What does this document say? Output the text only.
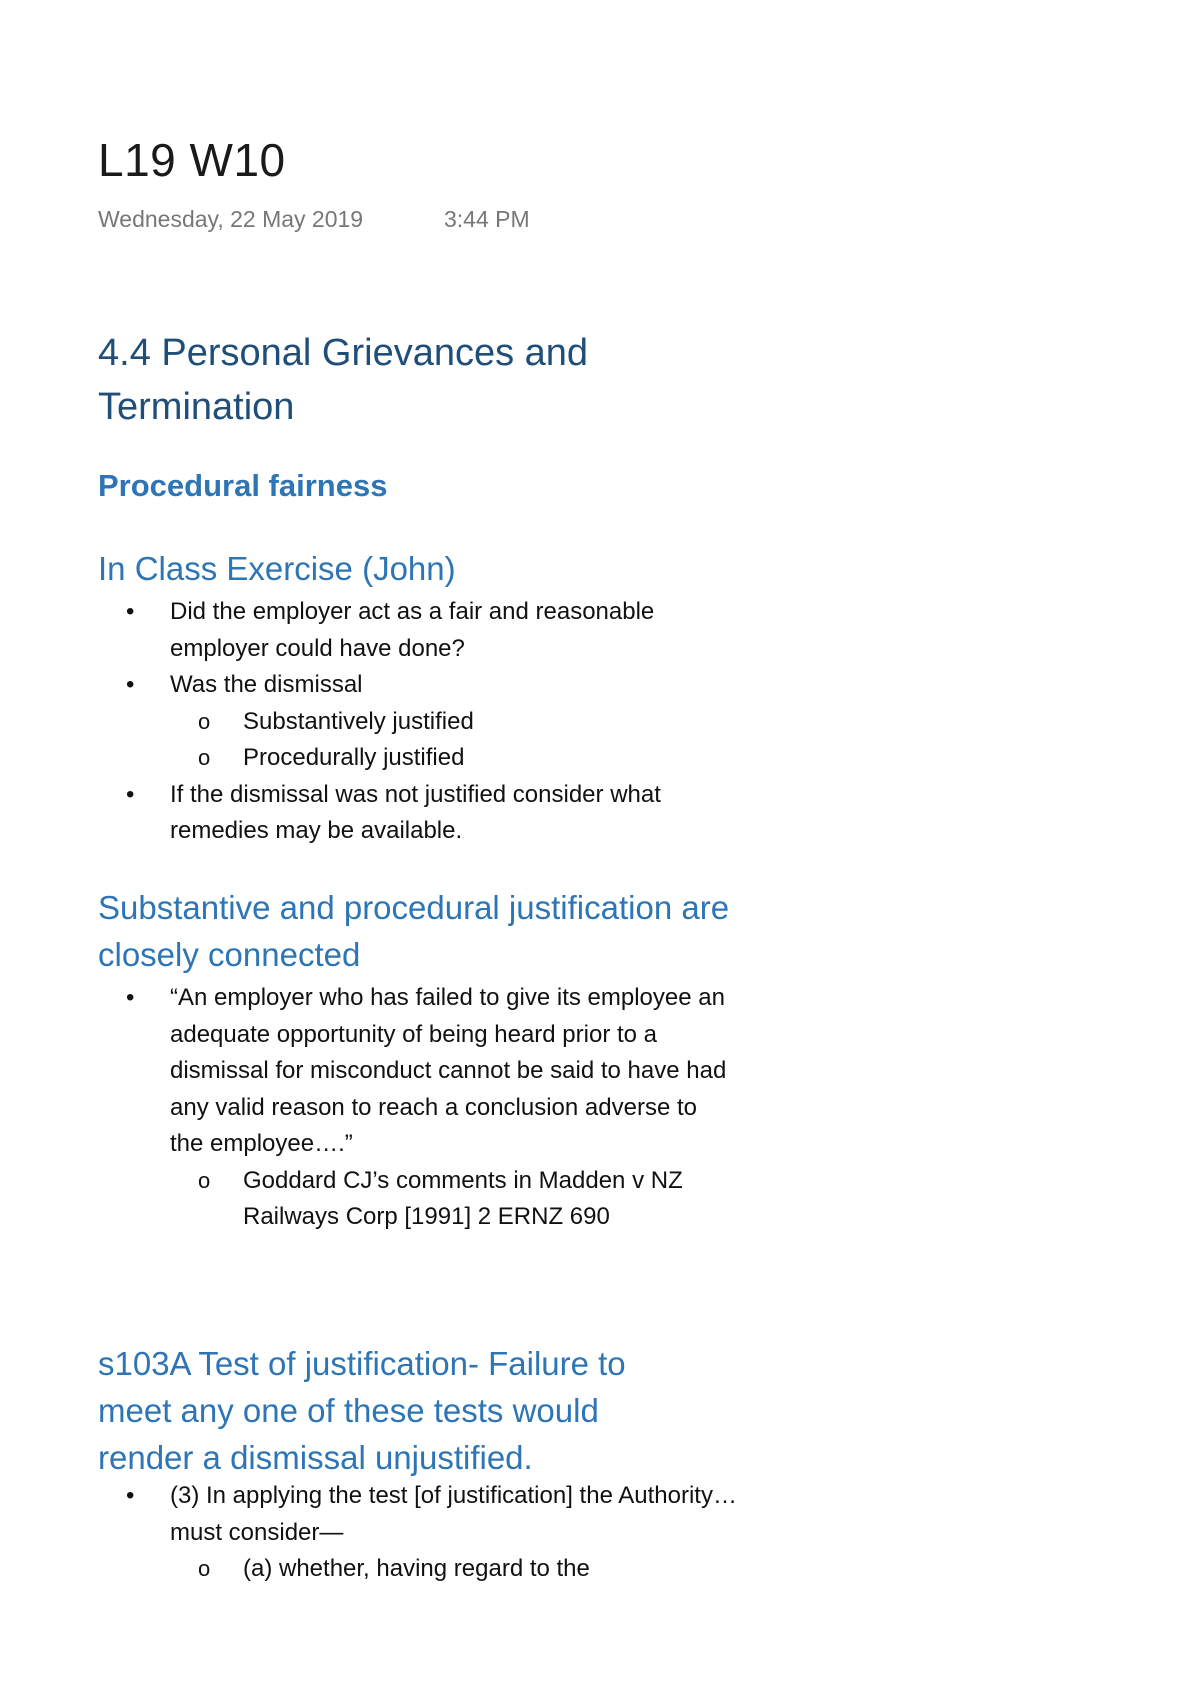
L19 W10
Wednesday, 22 May 2019	3:44 PM
4.4 Personal Grievances and Termination
Procedural fairness
In Class Exercise (John)
• Did the employer act as a fair and reasonable employer could have done?
• Was the dismissal
o Substantively justified
o Procedurally justified
• If the dismissal was not justified consider what remedies may be available.
Substantive and procedural justification are closely connected
• “An employer who has failed to give its employee an adequate opportunity of being heard prior to a dismissal for misconduct cannot be said to have had any valid reason to reach a conclusion adverse to the employee….”
o Goddard CJ’s comments in Madden v NZ Railways Corp [1991] 2 ERNZ 690
s103A Test of justification- Failure to meet any one of these tests would render a dismissal unjustified.
• (3) In applying the test [of justification] the Authority…must consider—
o (a) whether, having regard to the
